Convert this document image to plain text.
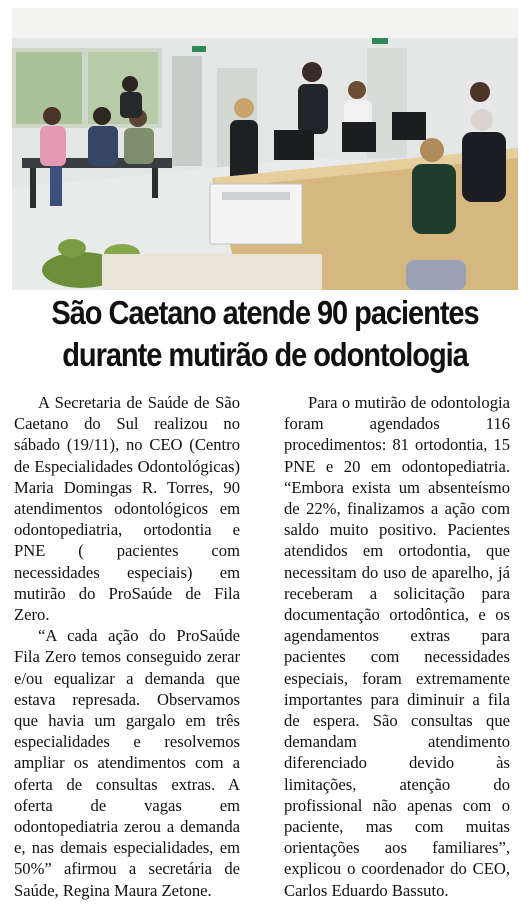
São Caetano atende 90 pacientes durante mutirão de odontologia

A Secretaria de Saúde de São Caetano do Sul realizou no sábado (19/11), no CEO (Centro de Especialidades Odontológicas) Maria Domingas R. Torres, 90 atendimentos odontológicos em odontopediatria, ortodontia e PNE ( pacientes com necessidades especiais) em mutirão do ProSaúde de Fila Zero.

“A cada ação do ProSaúde Fila Zero temos conseguido zerar e/ou equalizar a demanda que estava represada. Observamos que havia um gargalo em três especialidades e resolvemos ampliar os atendimentos com a oferta de consultas extras. A oferta de vagas em odontopediatria zerou a demanda e, nas demais especialidades, em 50%” afirmou a secretária de Saúde, Regina Maura Zetone.

Para o mutirão de odontologia foram agendados 116 procedimentos: 81 ortodontia, 15 PNE e 20 em odontopediatria. “Embora exista um absenteísmo de 22%, finalizamos a ação com saldo muito positivo. Pacientes atendidos em ortodontia, que necessitam do uso de aparelho, já receberam a solicitação para documentação ortodôntica, e os agendamentos extras para pacientes com necessidades especiais, foram extremamente importantes para diminuir a fila de espera. São consultas que demandam atendimento diferenciado devido às limitações, atenção do profissional não apenas com o paciente, mas com muitas orientações aos familiares”, explicou o coordenador do CEO, Carlos Eduardo Bassuto.
